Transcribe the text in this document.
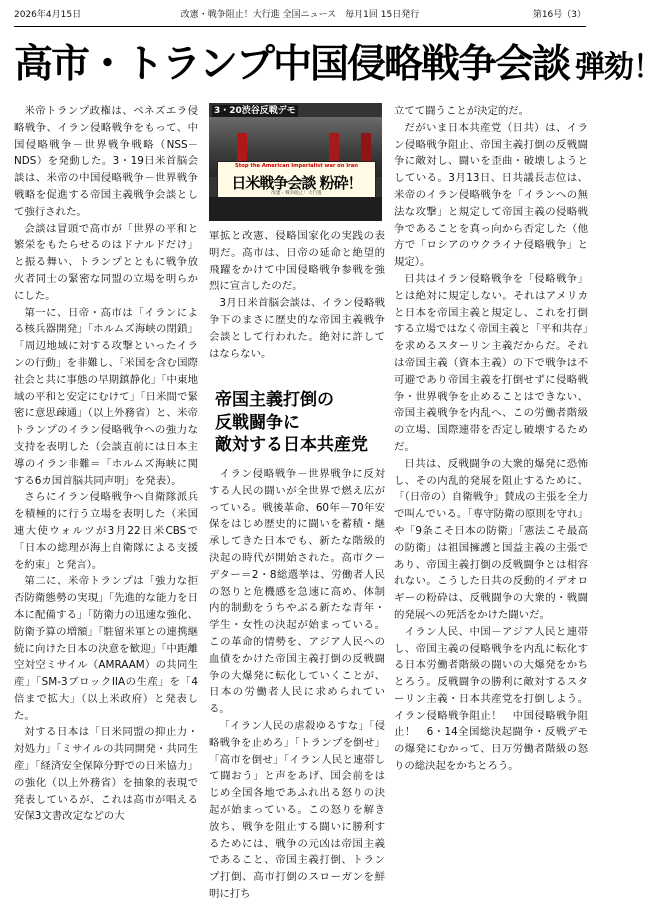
2026年4月15日	改憲・戦争阻止！大行進 全国ニュース　毎月1回 15日発行	第16号（3）
高市・トランプ中国侵略戦争会談 弾劾！

米帝トランプ政権は、ベネズエラ侵略戦争、イラン侵略戦争をもって、中国侵略戦争－世界戦争戦略（NSS－NDS）を発動した。3・19日米首脳会談は、米帝の中国侵略戦争－世界戦争戦略を促進する帝国主義戦争会談として強行された。

会談は冒頭で高市が「世界の平和と繁栄をもたらせるのはドナルドだけ」と振る舞い、トランプとともに戦争放火者同士の緊密な同盟の立場を明らかにした。

第一に、日帝・高市は「イランによる核兵器開発」「ホルムズ海峡の閉鎖」「周辺地域に対する攻撃といったイランの行動」を非難し、「米国を含む国際社会と共に事態の早期鎮静化」「中東地域の平和と安定にむけて」「日米間で緊密に意思疎通」（以上外務省）と、米帝トランプのイラン侵略戦争への強力な支持を表明した（会談直前には日本主導のイラン非難＝「ホルムズ海峡に関する6カ国首脳共同声明」を発表）。

さらにイラン侵略戦争へ自衛隊派兵を積極的に行う立場を表明した（米国連大使ウォルツが3月22日米CBSで「日本の総理が海上自衛隊による支援を約束」と発言）。

第二に、米帝トランプは「強力な拒否防衛態勢の実現」「先進的な能力を日本に配備する」「防衛力の迅速な強化、防衛予算の増額」「駐留米軍との連携継続に向けた日本の決意を歓迎」「中距離空対空ミサイル（AMRAAM）の共同生産」「SM-3ブロックIIAの生産」を「4倍まで拡大」（以上米政府）と発表した。

対する日本は「日米同盟の抑止力・対処力」「ミサイルの共同開発・共同生産」「経済安全保障分野での日米協力」の強化（以上外務省）を抽象的表現で発表しているが、これは高市が唱える安保3文書改定などの大

Stop the American Imperialist war on Iran
日米戦争会談 粉砕！
改憲・戦争阻止！大行進
3・20渋谷反戦デモ

軍拡と改憲、侵略国家化の実践の表明だ。高市は、日帝の延命と絶望的飛躍をかけて中国侵略戦争参戦を強烈に宣言したのだ。

3月日米首脳会談は、イラン侵略戦争下のまさに歴史的な帝国主義戦争会談として行われた。絶対に許してはならない。

帝国主義打倒の
反戦闘争に
敵対する日本共産党

イラン侵略戦争－世界戦争に反対する人民の闘いが全世界で燃え広がっている。戦後革命、60年－70年安保をはじめ歴史的に闘いを蓄積・継承してきた日本でも、新たな階級的決起の時代が開始された。高市クーデター＝2・8総選挙は、労働者人民の怒りと危機感を急速に高め、体制内的制動をうちやぶる新たな青年・学生・女性の決起が始まっている。この革命的情勢を、アジア人民への血債をかけた帝国主義打倒の反戦闘争の大爆発に転化していくことが、日本の労働者人民に求められている。

「イラン人民の虐殺ゆるすな」「侵略戦争を止めろ」「トランプを倒せ」「高市を倒せ」「イラン人民と連帯して闘おう」と声をあげ、国会前をはじめ全国各地であふれ出る怒りの決起が始まっている。この怒りを解き放ち、戦争を阻止する闘いに勝利するためには、戦争の元凶は帝国主義であること、帝国主義打倒、トランプ打倒、高市打倒のスローガンを鮮明に打ち

立てて闘うことが決定的だ。

だがいま日本共産党（日共）は、イラン侵略戦争阻止、帝国主義打倒の反戦闘争に敵対し、闘いを歪曲・破壊しようとしている。3月13日、日共議長志位は、米帝のイラン侵略戦争を「イランへの無法な攻撃」と規定して帝国主義の侵略戦争であることを真っ向から否定した（他方で「ロシアのウクライナ侵略戦争」と規定）。

日共はイラン侵略戦争を「侵略戦争」とは絶対に規定しない。それはアメリカと日本を帝国主義と規定し、これを打倒する立場ではなく帝国主義と「平和共存」を求めるスターリン主義だからだ。それは帝国主義（資本主義）の下で戦争は不可避であり帝国主義を打倒せずに侵略戦争・世界戦争を止めることはできない、帝国主義戦争を内乱へ、この労働者階級の立場、国際連帯を否定し破壊するためだ。

日共は、反戦闘争の大衆的爆発に恐怖し、その内乱的発展を阻止するために、「（日帝の）自衛戦争」賛成の主張を全力で叫んでいる。「専守防衛の原則を守れ」や「9条こそ日本の防衛」「憲法こそ最高の防衛」は祖国擁護と国益主義の主張であり、帝国主義打倒の反戦闘争とは相容れない。こうした日共の反動的イデオロギーの粉砕は、反戦闘争の大衆的・戦闘的発展への死活をかけた闘いだ。

イラン人民、中国－アジア人民と連帯し、帝国主義の侵略戦争を内乱に転化する日本労働者階級の闘いの大爆発をかちとろう。反戦闘争の勝利に敵対するスターリン主義・日本共産党を打倒しよう。イラン侵略戦争阻止！　中国侵略戦争阻止！　6・14全国総決起闘争・反戦デモの爆発にむかって、日万労働者階級の怒りの総決起をかちとろう。
